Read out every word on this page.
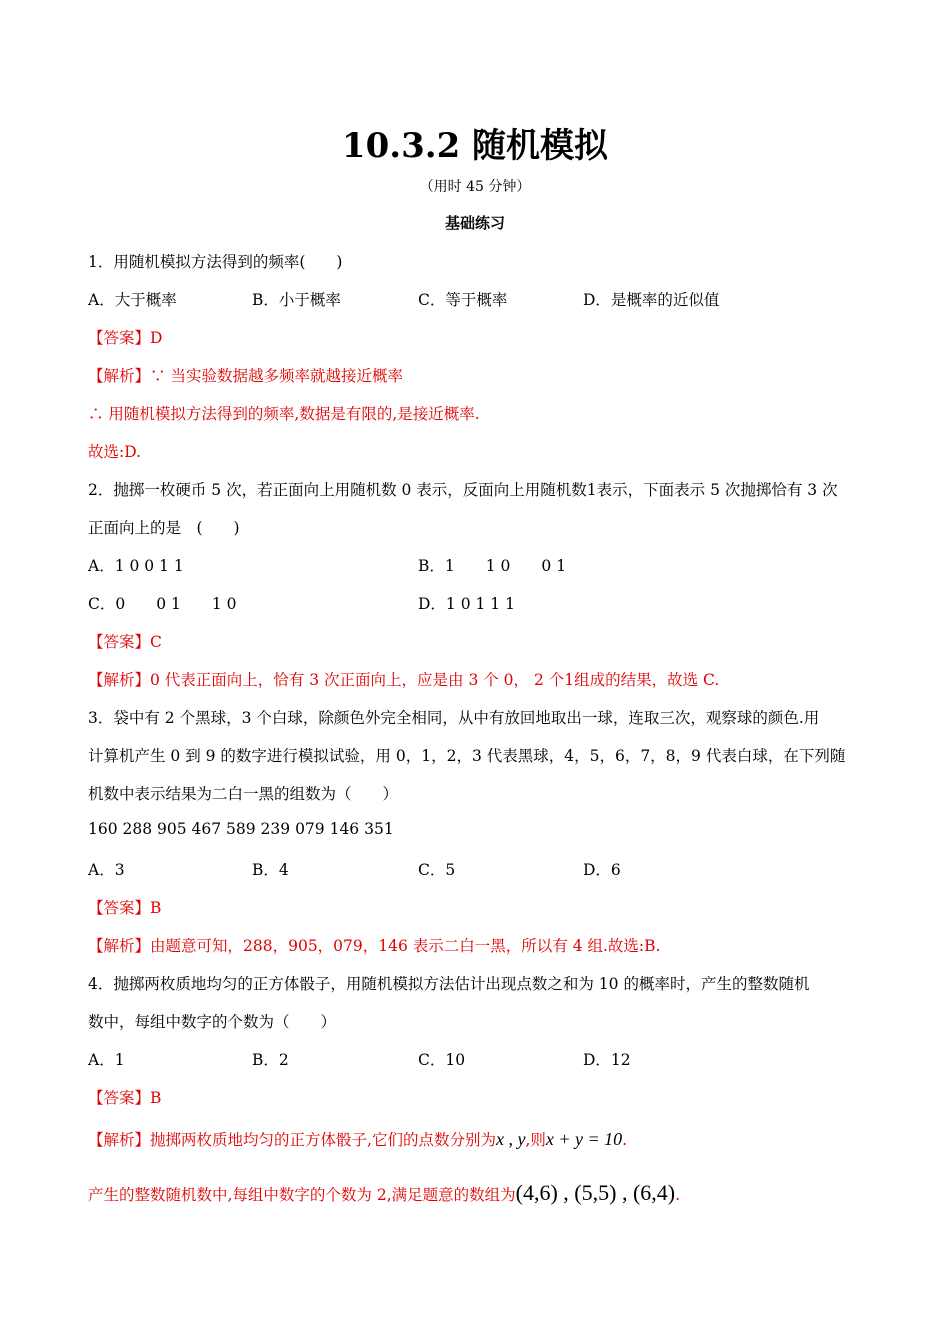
10.3.2 随机模拟
（用时 45 分钟）
基础练习
1．用随机模拟方法得到的频率(　　)
A．大于概率	B．小于概率	C．等于概率	D．是概率的近似值
【答案】D
【解析】∵ 当实验数据越多频率就越接近概率
∴ 用随机模拟方法得到的频率,数据是有限的,是接近概率.
故选:D.
2．抛掷一枚硬币 5 次，若正面向上用随机数 0 表示，反面向上用随机数1表示，下面表示 5 次抛掷恰有 3 次
正面向上的是　(　　)
A．1 0 0 1 1	B．1　　1 0　　0 1
C．0　　0 1　　1 0	D．1 0 1 1 1
【答案】C
【解析】0 代表正面向上，恰有 3 次正面向上，应是由 3 个 0， 2 个1组成的结果，故选 C.
3．袋中有 2 个黑球，3 个白球，除颜色外完全相同，从中有放回地取出一球，连取三次，观察球的颜色.用
计算机产生 0 到 9 的数字进行模拟试验，用 0，1，2，3 代表黑球，4，5，6，7，8，9 代表白球，在下列随
机数中表示结果为二白一黑的组数为（　　）
160 288 905 467 589 239 079 146 351
A．3	B．4	C．5	D．6
【答案】B
【解析】由题意可知，288，905，079，146 表示二白一黑，所以有 4 组.故选:B.
4．抛掷两枚质地均匀的正方体骰子，用随机模拟方法估计出现点数之和为 10 的概率时，产生的整数随机
数中，每组中数字的个数为（　　）
A．1	B．2	C．10	D．12
【答案】B
【解析】抛掷两枚质地均匀的正方体骰子,它们的点数分别为x , y,则x + y = 10.
产生的整数随机数中,每组中数字的个数为 2,满足题意的数组为(4,6) , (5,5) , (6,4).
